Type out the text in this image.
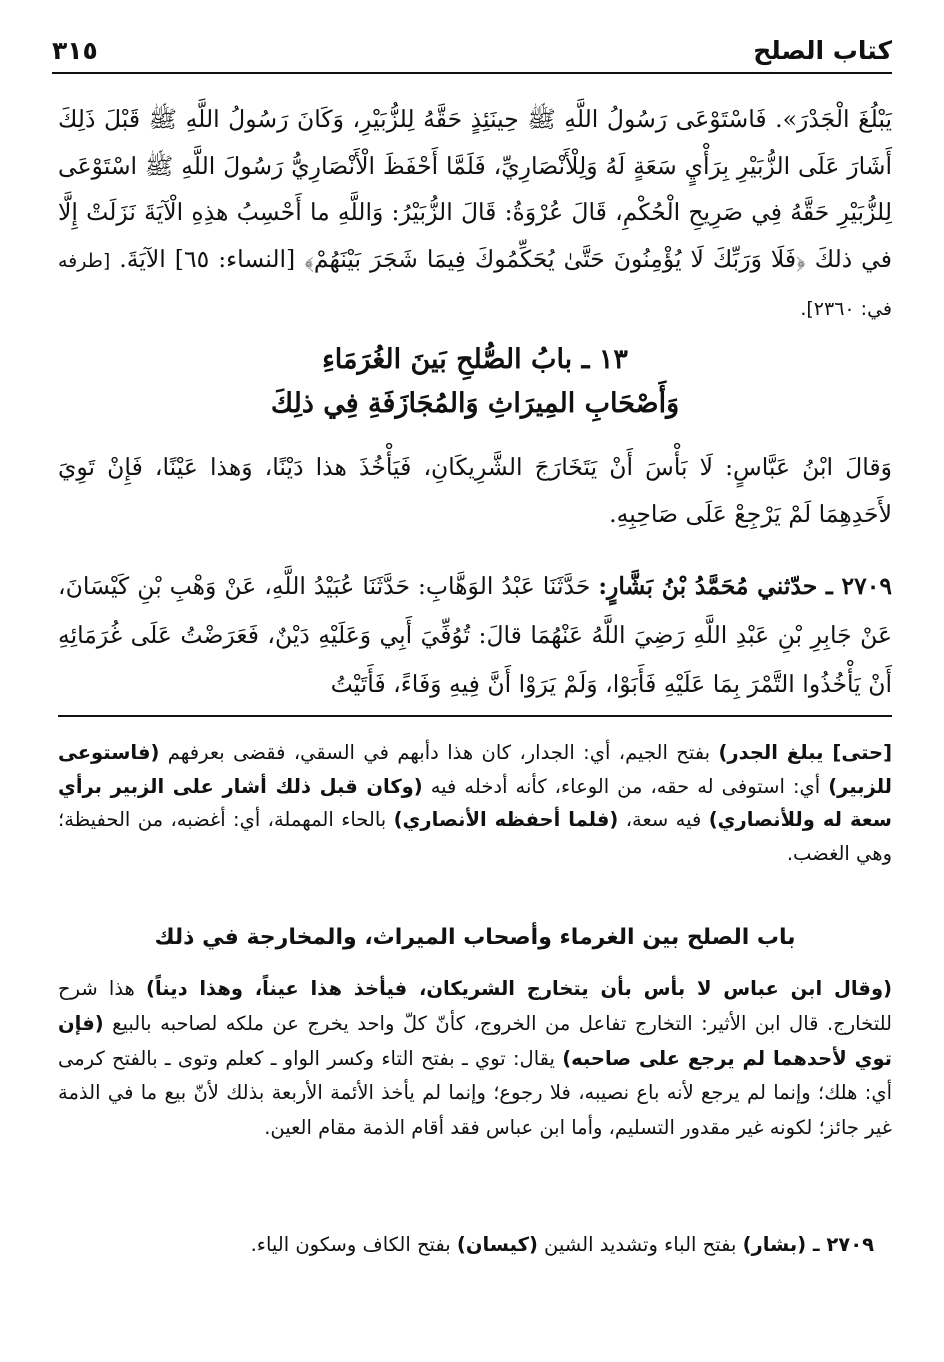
كتاب الصلح
٣١٥

يَبْلُغَ الْجَدْرَ». فَاسْتَوْعَى رَسُولُ اللَّهِ ﷺ حِينَئِذٍ حَقَّهُ لِلزُّبَيْرِ، وَكَانَ رَسُولُ اللَّهِ ﷺ قَبْلَ ذَلِكَ أَشَارَ عَلَى الزُّبَيْرِ بِرَأْيٍ سَعَةٍ لَهُ وَلِلْأَنْصَارِيِّ، فَلَمَّا أَحْفَظَ الْأَنْصَارِيُّ رَسُولَ اللَّهِ ﷺ اسْتَوْعَى لِلزُّبَيْرِ حَقَّهُ فِي صَرِيحِ الْحُكْمِ، قَالَ عُرْوَةُ: قَالَ الزُّبَيْرُ: وَاللَّهِ ما أَحْسِبُ هذِهِ الْآيَةَ نَزَلَتْ إِلَّا في ذلكَ ﴿فَلَا وَرَبِّكَ لَا يُؤْمِنُونَ حَتَّىٰ يُحَكِّمُوكَ فِيمَا شَجَرَ بَيْنَهُمْ﴾ [النساء: ٦٥] الآيَةَ. [طرفه في: ٢٣٦٠].

١٣ ـ بابُ الصُّلحِ بَينَ الغُرَمَاءِ
وَأَصْحَابِ المِيرَاثِ وَالمُجَازَفَةِ فِي ذلِكَ

وَقالَ ابْنُ عَبَّاسٍ: لَا بَأْسَ أَنْ يَتَخَارَجَ الشَّرِيكَانِ، فَيَأْخُذَ هذا دَيْنًا، وَهذا عَيْنًا، فَإِنْ تَوِيَ لأَحَدِهِمَا لَمْ يَرْجِعْ عَلَى صَاحِبِهِ.

٢٧٠٩ ـ حدّثني مُحَمَّدُ بْنُ بَشَّارٍ: حَدَّثَنَا عَبْدُ الوَهَّابِ: حَدَّثَنَا عُبَيْدُ اللَّهِ، عَنْ وَهْبِ بْنِ كَيْسَانَ، عَنْ جَابِرِ بْنِ عَبْدِ اللَّهِ رَضِيَ اللَّهُ عَنْهُمَا قالَ: تُوُفِّيَ أَبِي وَعَلَيْهِ دَيْنٌ، فَعَرَضْتُ عَلَى غُرَمَائِهِ أَنْ يَأْخُذُوا التَّمْرَ بِمَا عَلَيْهِ فَأَبَوْا، وَلَمْ يَرَوْا أَنَّ فِيهِ وَفَاءً، فَأَتَيْتُ

[حتى] يبلغ الجدر) بفتح الجيم، أي: الجدار، كان هذا دأبهم في السقي، فقضى بعرفهم (فاستوعى للزبير) أي: استوفى له حقه، من الوعاء، كأنه أدخله فيه (وكان قبل ذلك أشار على الزبير برأي سعة له وللأنصاري) فيه سعة، (فلما أحفظه الأنصاري) بالحاء المهملة، أي: أغضبه، من الحفيظة؛ وهي الغضب.

باب الصلح بين الغرماء وأصحاب الميراث، والمخارجة في ذلك

(وقال ابن عباس لا بأس بأن يتخارج الشريكان، فيأخذ هذا عيناً، وهذا ديناً) هذا شرح للتخارج. قال ابن الأثير: التخارج تفاعل من الخروج، كأنّ كلّ واحد يخرج عن ملكه لصاحبه بالبيع (فإن توي لأحدهما لم يرجع على صاحبه) يقال: توي ـ بفتح التاء وكسر الواو ـ كعلم وتوى ـ بالفتح كرمى أي: هلك؛ وإنما لم يرجع لأنه باع نصيبه، فلا رجوع؛ وإنما لم يأخذ الأئمة الأربعة بذلك لأنّ بيع ما في الذمة غير جائز؛ لكونه غير مقدور التسليم، وأما ابن عباس فقد أقام الذمة مقام العين.

٢٧٠٩ ـ (بشار) بفتح الباء وتشديد الشين (كيسان) بفتح الكاف وسكون الياء.
